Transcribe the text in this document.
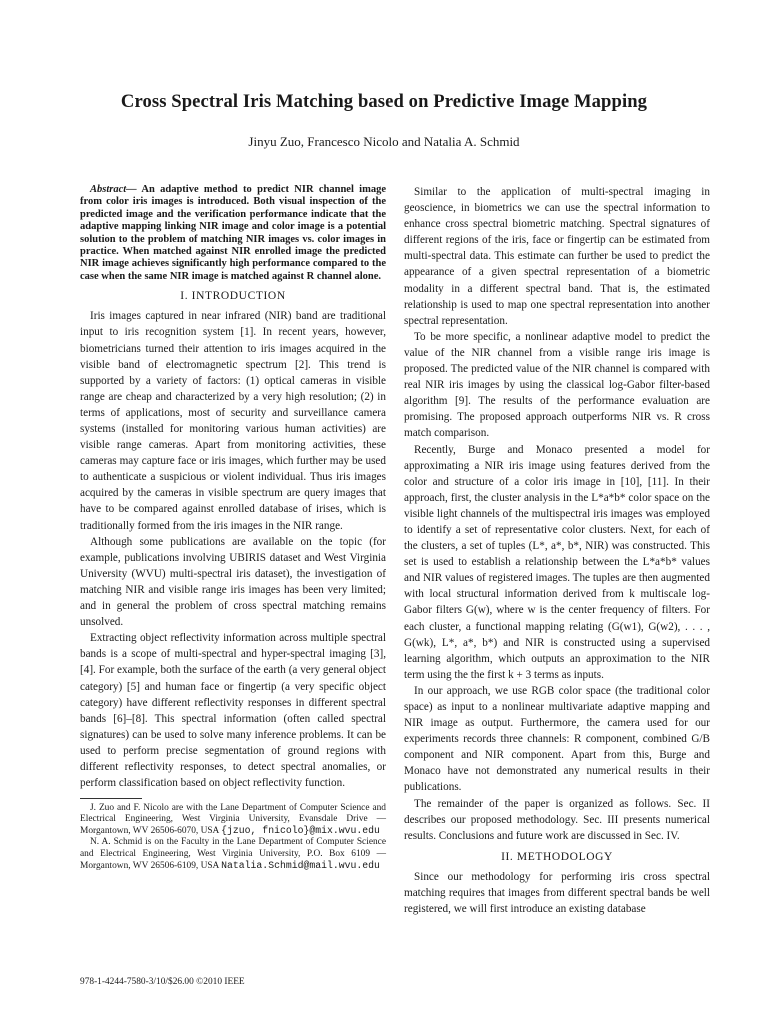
Cross Spectral Iris Matching based on Predictive Image Mapping
Jinyu Zuo, Francesco Nicolo and Natalia A. Schmid

Abstract— An adaptive method to predict NIR channel image from color iris images is introduced. Both visual inspection of the predicted image and the verification performance indicate that the adaptive mapping linking NIR image and color image is a potential solution to the problem of matching NIR images vs. color images in practice. When matched against NIR enrolled image the predicted NIR image achieves significantly high performance compared to the case when the same NIR image is matched against R channel alone.

I. INTRODUCTION

Iris images captured in near infrared (NIR) band are traditional input to iris recognition system [1]. In recent years, however, biometricians turned their attention to iris images acquired in the visible band of electromagnetic spectrum [2]. This trend is supported by a variety of factors: (1) optical cameras in visible range are cheap and characterized by a very high resolution; (2) in terms of applications, most of security and surveillance camera systems (installed for monitoring various human activities) are visible range cameras. Apart from monitoring activities, these cameras may capture face or iris images, which further may be used to authenticate a suspicious or violent individual. Thus iris images acquired by the cameras in visible spectrum are query images that have to be compared against enrolled database of irises, which is traditionally formed from the iris images in the NIR range.

Although some publications are available on the topic (for example, publications involving UBIRIS dataset and West Virginia University (WVU) multi-spectral iris dataset), the investigation of matching NIR and visible range iris images has been very limited; and in general the problem of cross spectral matching remains unsolved.

Extracting object reflectivity information across multiple spectral bands is a scope of multi-spectral and hyper-spectral imaging [3], [4]. For example, both the surface of the earth (a very general object category) [5] and human face or fingertip (a very specific object category) have different reflectivity responses in different spectral bands [6]–[8]. This spectral information (often called spectral signatures) can be used to solve many inference problems. It can be used to perform precise segmentation of ground regions with different reflectivity responses, to detect spectral anomalies, or perform classification based on object reflectivity function.

J. Zuo and F. Nicolo are with the Lane Department of Computer Science and Electrical Engineering, West Virginia University, Evansdale Drive — Morgantown, WV 26506-6070, USA {jzuo, fnicolo}@mix.wvu.edu

N. A. Schmid is on the Faculty in the Lane Department of Computer Science and Electrical Engineering, West Virginia University, P.O. Box 6109 — Morgantown, WV 26506-6109, USA Natalia.Schmid@mail.wvu.edu

Similar to the application of multi-spectral imaging in geoscience, in biometrics we can use the spectral information to enhance cross spectral biometric matching. Spectral signatures of different regions of the iris, face or fingertip can be estimated from multi-spectral data. This estimate can further be used to predict the appearance of a given spectral representation of a biometric modality in a different spectral band. That is, the estimated relationship is used to map one spectral representation into another spectral representation.

To be more specific, a nonlinear adaptive model to predict the value of the NIR channel from a visible range iris image is proposed. The predicted value of the NIR channel is compared with real NIR iris images by using the classical log-Gabor filter-based algorithm [9]. The results of the performance evaluation are promising. The proposed approach outperforms NIR vs. R cross match comparison.

Recently, Burge and Monaco presented a model for approximating a NIR iris image using features derived from the color and structure of a color iris image in [10], [11]. In their approach, first, the cluster analysis in the L*a*b* color space on the visible light channels of the multispectral iris images was employed to identify a set of representative color clusters. Next, for each of the clusters, a set of tuples (L*, a*, b*, NIR) was constructed. This set is used to establish a relationship between the L*a*b* values and NIR values of registered images. The tuples are then augmented with local structural information derived from k multiscale log-Gabor filters G(w), where w is the center frequency of filters. For each cluster, a functional mapping relating (G(w1), G(w2), . . . , G(wk), L*, a*, b*) and NIR is constructed using a supervised learning algorithm, which outputs an approximation to the NIR term using the the first k + 3 terms as inputs.

In our approach, we use RGB color space (the traditional color space) as input to a nonlinear multivariate adaptive mapping and NIR image as output. Furthermore, the camera used for our experiments records three channels: R component, combined G/B component and NIR component. Apart from this, Burge and Monaco have not demonstrated any numerical results in their publications.

The remainder of the paper is organized as follows. Sec. II describes our proposed methodology. Sec. III presents numerical results. Conclusions and future work are discussed in Sec. IV.

II. METHODOLOGY

Since our methodology for performing iris cross spectral matching requires that images from different spectral bands be well registered, we will first introduce an existing database

978-1-4244-7580-3/10/$26.00 ©2010 IEEE
